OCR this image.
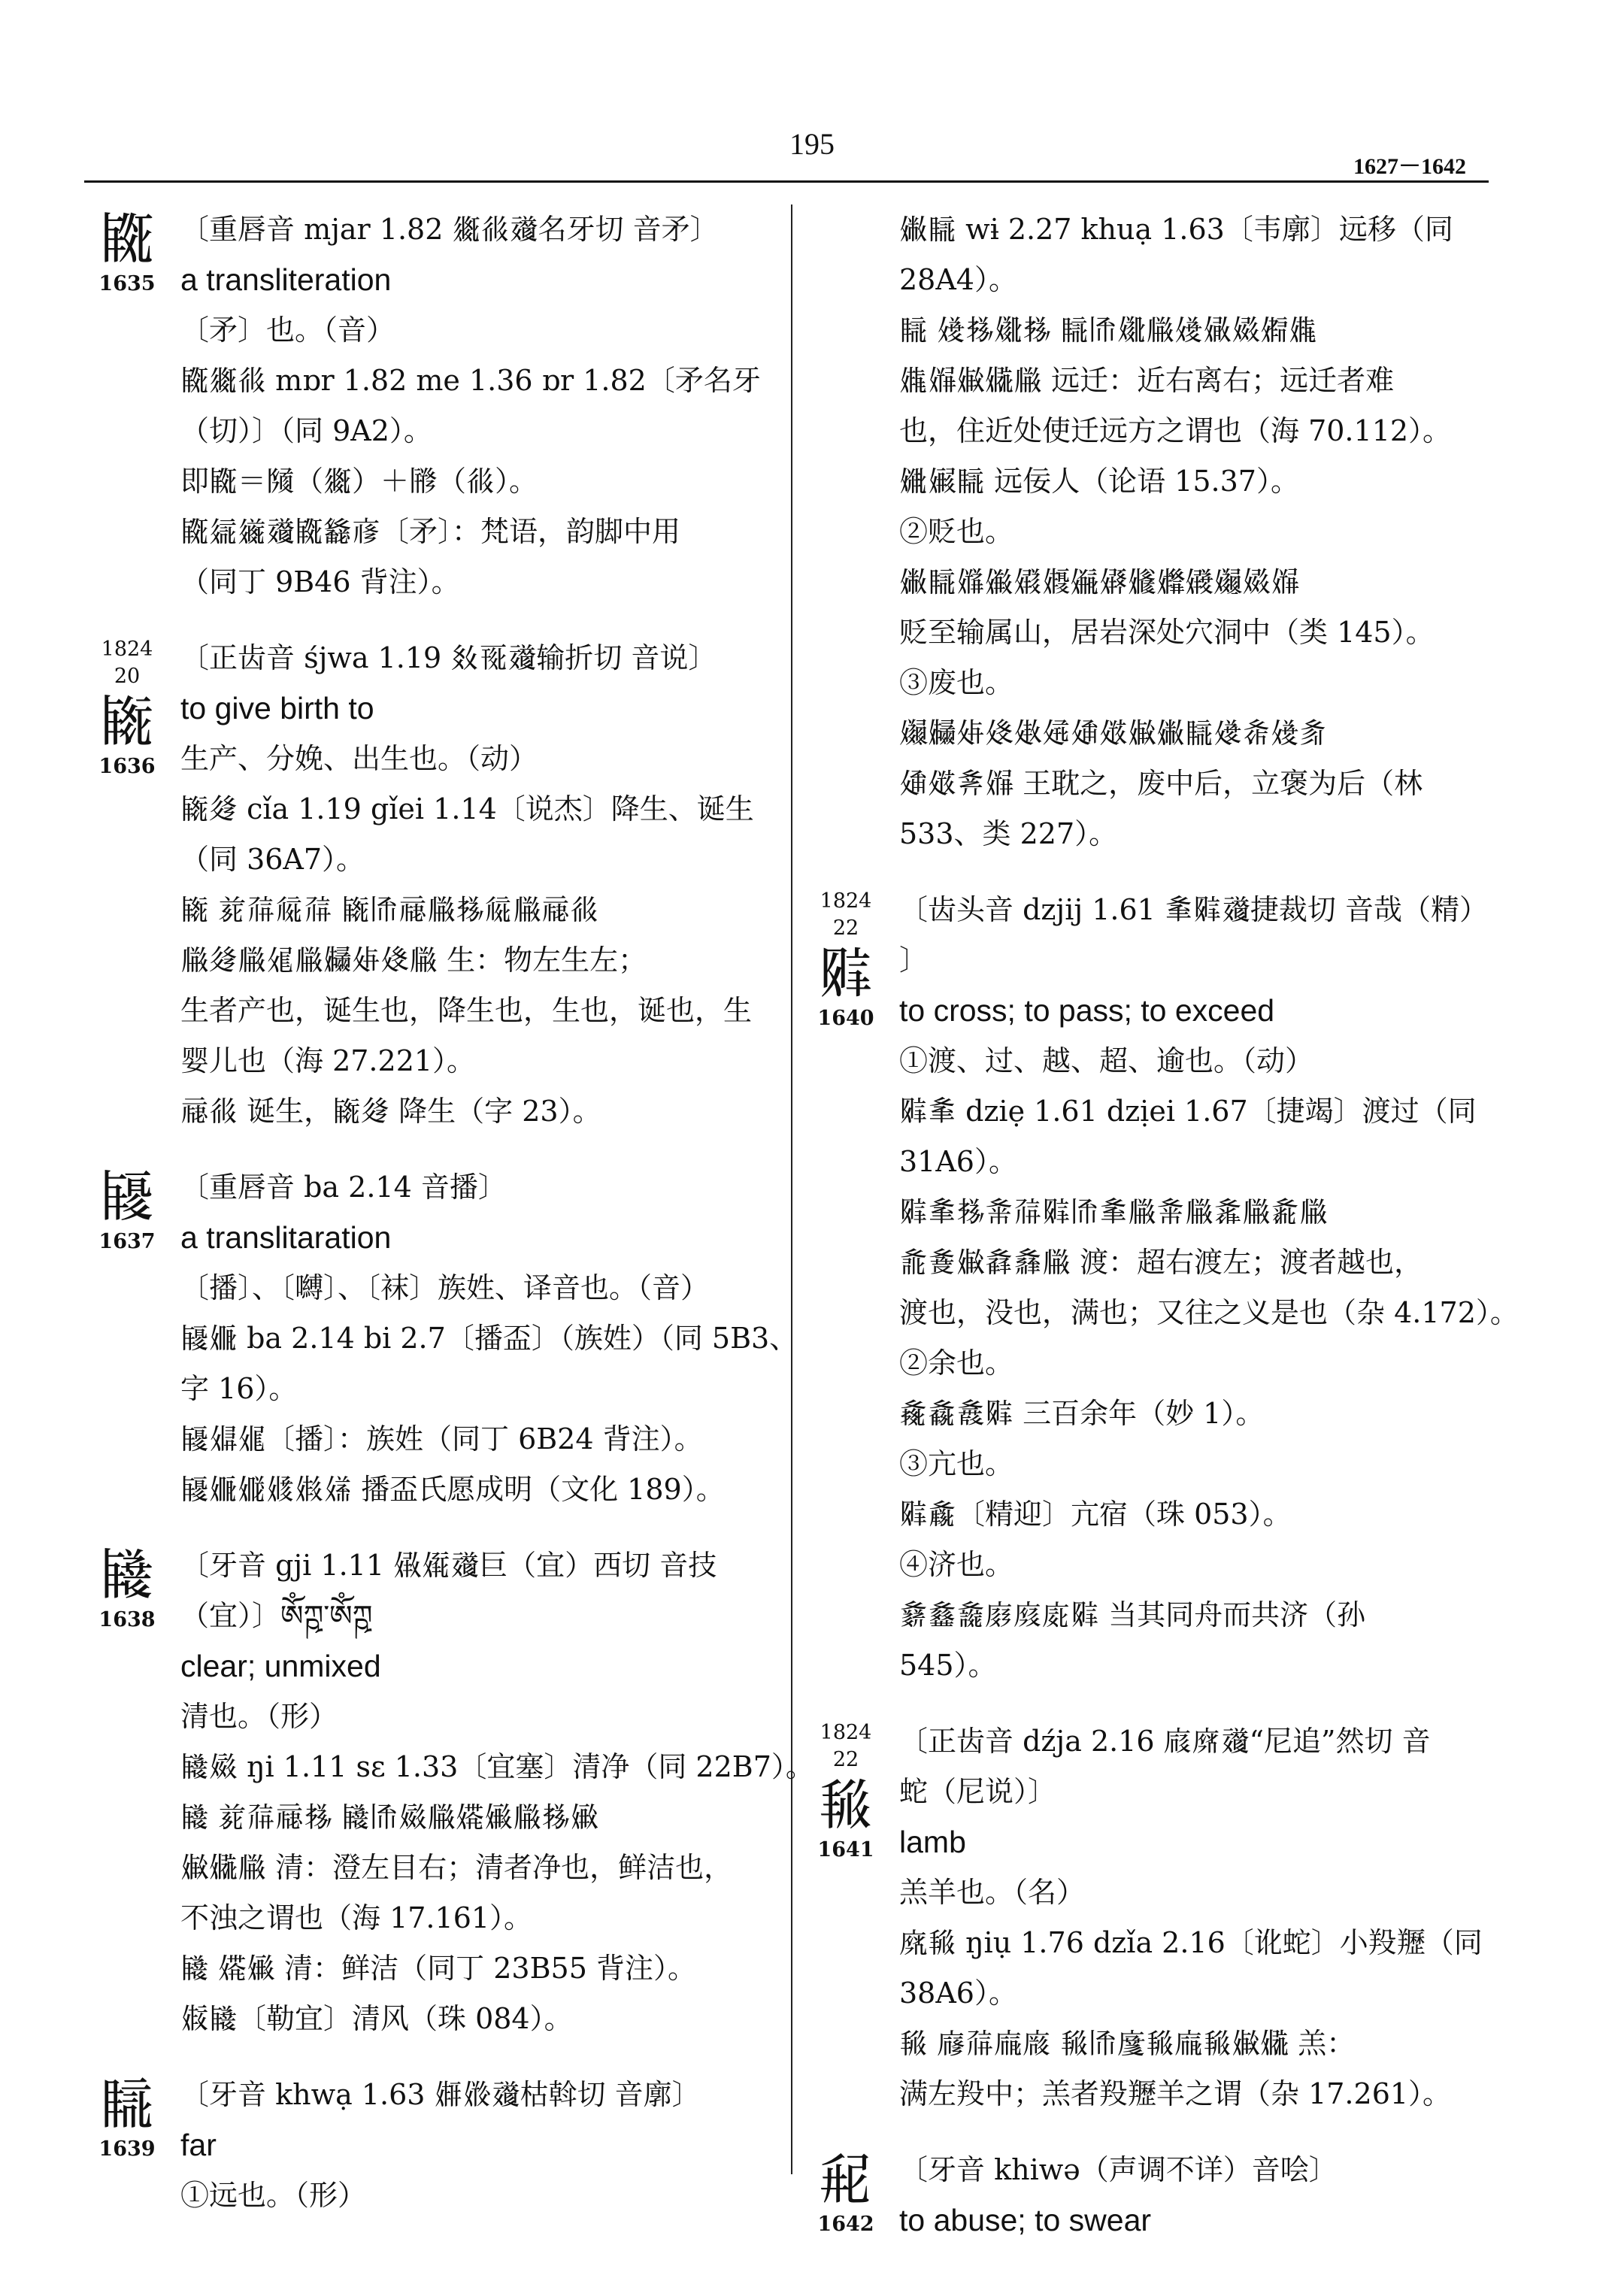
195
1627－1642
𗺀
1635
〔重唇音 mjar 1.82 𗼨𗺐𗶖名牙切 音矛〕
a transliteration
〔矛〕也。（音）
𗺀𗼨𗺐 mɒr 1.82 me 1.36 ɒr 1.82〔矛名牙
（切）〕（同 9A2）。
即𗺀＝𗂧（𗼨）＋𗂨（𗺐）。
𗺀𗦇𗫂𗶖𗺀𗴮𗇋〔矛〕：梵语，韵脚中用
（同丁 9B46 背注）。
1824
20
𗺁
1636
〔正齿音 śjwa 1.19 𗾈𗀔𗶖输折切 音说〕
to give birth to
生产、分娩、出生也。（动）
𗺁𗫶 cǐa 1.19 gǐei 1.14〔说杰〕降生、诞生
（同 36A7）。
𗺁 𗐱𗗚𗏁𗗚 𗺁𗀾𗄊𗆐𗈪𗏁𗆐𗄊𗺐
𗆐𗫶𗆐𗏗𗆐𗐃𗐄𗐅𗆐 生：物左生左；
生者产也，诞生也，降生也，生也，诞也，生
婴儿也（海 27.221）。
𗄊𗺐 诞生，𗺁𗫶 降生（字 23）。
𗺂
1637
〔重唇音 ba 2.14 音播〕
a translitaration
〔播〕、〔嚩〕、〔袜〕族姓、译音也。（音）
𗺂𗏜 ba 2.14 bi 2.7〔播盃〕（族姓）（同 5B3、
字 16）。
𗺂𗏝𗏞〔播〕：族姓（同丁 6B24 背注）。
𗺂𗏜𗏟𗏠𗏡𗏢 播盃氏愿成明（文化 189）。
𗺃
1638
〔牙音 gji 1.11 𗏣𗏤𗶖巨（宜）西切 音技
（宜）〕ༀཀྵ་ༀཀྵ
clear; unmixed
清也。（形）
𗺃𗏥 ŋi 1.11 sɛ 1.33〔宜塞〕清净（同 22B7）。
𗺃 𗐱𗗚𗄊𗈪 𗺃𗀾𗏥𗆐𗏦𗏧𗆐𗈪𗏨
𗏩𗏪𗆐 清：澄左目右；清者净也，鲜洁也，
不浊之谓也（海 17.161）。
𗺃 𗏦𗏧 清：鲜洁（同丁 23B55 背注）。
𗏫𗺃〔勒宜〕清风（珠 084）。
𗺄
1639
〔牙音 khwạ 1.63 𗏬𗏭𗶖枯斡切 音廓〕
far
①远也。（形）
𗏮𗺄 wɨ 2.27 khuạ 1.63〔韦廓〕远移（同
28A4）。
𗺄 𗏯𗈪𗏰𗈪 𗺄𗀾𗏰𗆐𗏯𗏱𗏲𗏳𗏴
𗏴𗏵𗏩𗏪𗆐 远迁：近右离右；远迁者难
也，住近处使迁远方之谓也（海 70.112）。
𗏶𗏷𗺄 远佞人（论语 15.37）。
②贬也。
𗏮𗺄𗏸𗏹𗏺𗏻𗏼𗏽𗏾𗏿𗐀𗐁𗏲𗏵
贬至输属山，居岩深处穴洞中（类 145）。
③废也。
𗐂𗐃𗐄𗐅𗐆𗐇𗐈𗐉𗏩𗏮𗺄𗐊𗐋𗏯𗐌
𗐈𗐉𗐍𗏵 王耽之，废中后，立褒为后（林
533、类 227）。
1824
22
𗺅
1640
〔齿头音 dzjij 1.61 𗐎𗺅𗶖捷裁切 音哉（精）
〕
to cross; to pass; to exceed
①渡、过、越、超、逾也。（动）
𗺅𗐎 dziẹ 1.61 dzịei 1.67〔捷竭〕渡过（同
31A6）。
𗺅𗐎𗈪𗐏𗗚𗺅𗀾𗐎𗆐𗐏𗆐𗐐𗆐𗐑𗆐
𗐒𗐓𗏩𗐔𗐕𗆐 渡：超右渡左；渡者越也，
渡也，没也，满也；又往之义是也（杂 4.172）。
②余也。
𗐖𗐗𗐘𗺅 三百余年（妙 1）。
③亢也。
𗺅𗐙〔精迎〕亢宿（珠 053）。
④济也。
𗐚𗐛𗐜𗐝𗐞𗐟𗺅 当其同舟而共济（孙
545）。
1824
22
𗺆
1641
〔正齿音 dźja 2.16 𗐠𗐡𗶖“尼追”然切 音
蛇（尼说）〕
lamb
羔羊也。（名）
𗐢𗺆 ŋiụ 1.76 dzǐa 2.16〔讹蛇〕小羖䍽（同
38A6）。
𗺆 𗐣𗗚𗐤𗐥 𗺆𗀾𗐦𗺆𗐤𗺆𗏩𗏪 羔：
满左羖中；羔者羖䍽羊之谓（杂 17.261）。
𗺇
1642
〔牙音 khiwə（声调不详）音哙〕
to abuse; to swear
